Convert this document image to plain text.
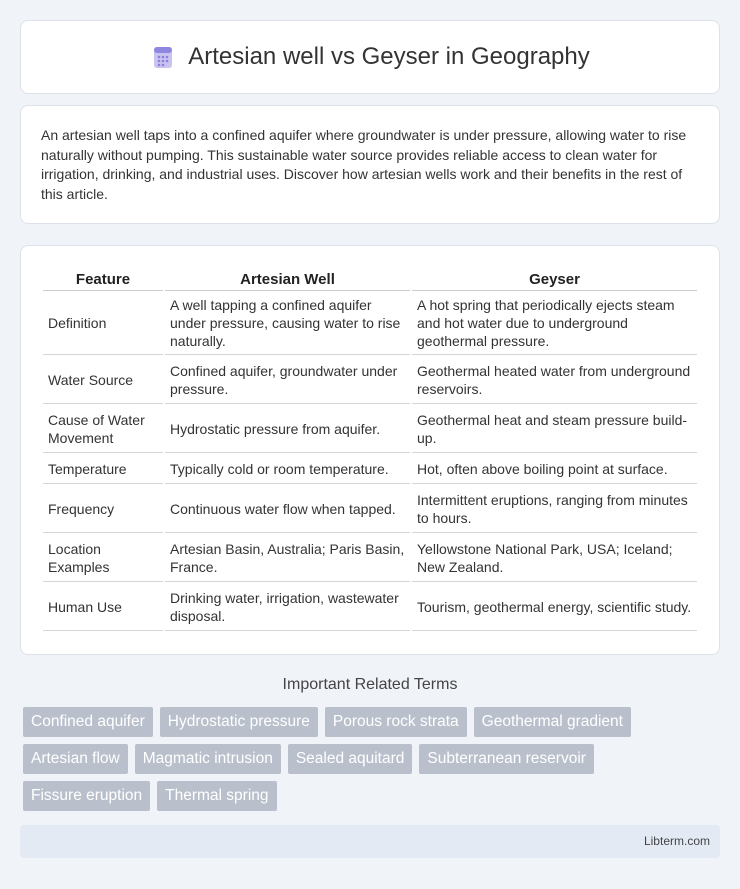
Artesian well vs Geyser in Geography

An artesian well taps into a confined aquifer where groundwater is under pressure, allowing water to rise naturally without pumping. This sustainable water source provides reliable access to clean water for irrigation, drinking, and industrial uses. Discover how artesian wells work and their benefits in the rest of this article.

Feature	Artesian Well	Geyser
Definition	A well tapping a confined aquifer under pressure, causing water to rise naturally.	A hot spring that periodically ejects steam and hot water due to underground geothermal pressure.
Water Source	Confined aquifer, groundwater under pressure.	Geothermal heated water from underground reservoirs.
Cause of Water Movement	Hydrostatic pressure from aquifer.	Geothermal heat and steam pressure build-up.
Temperature	Typically cold or room temperature.	Hot, often above boiling point at surface.
Frequency	Continuous water flow when tapped.	Intermittent eruptions, ranging from minutes to hours.
Location Examples	Artesian Basin, Australia; Paris Basin, France.	Yellowstone National Park, USA; Iceland; New Zealand.
Human Use	Drinking water, irrigation, wastewater disposal.	Tourism, geothermal energy, scientific study.
Important Related Terms
Confined aquifer	Hydrostatic pressure	Porous rock strata	Geothermal gradient
Artesian flow	Magmatic intrusion	Sealed aquitard	Subterranean reservoir
Fissure eruption	Thermal spring
Libterm.com
